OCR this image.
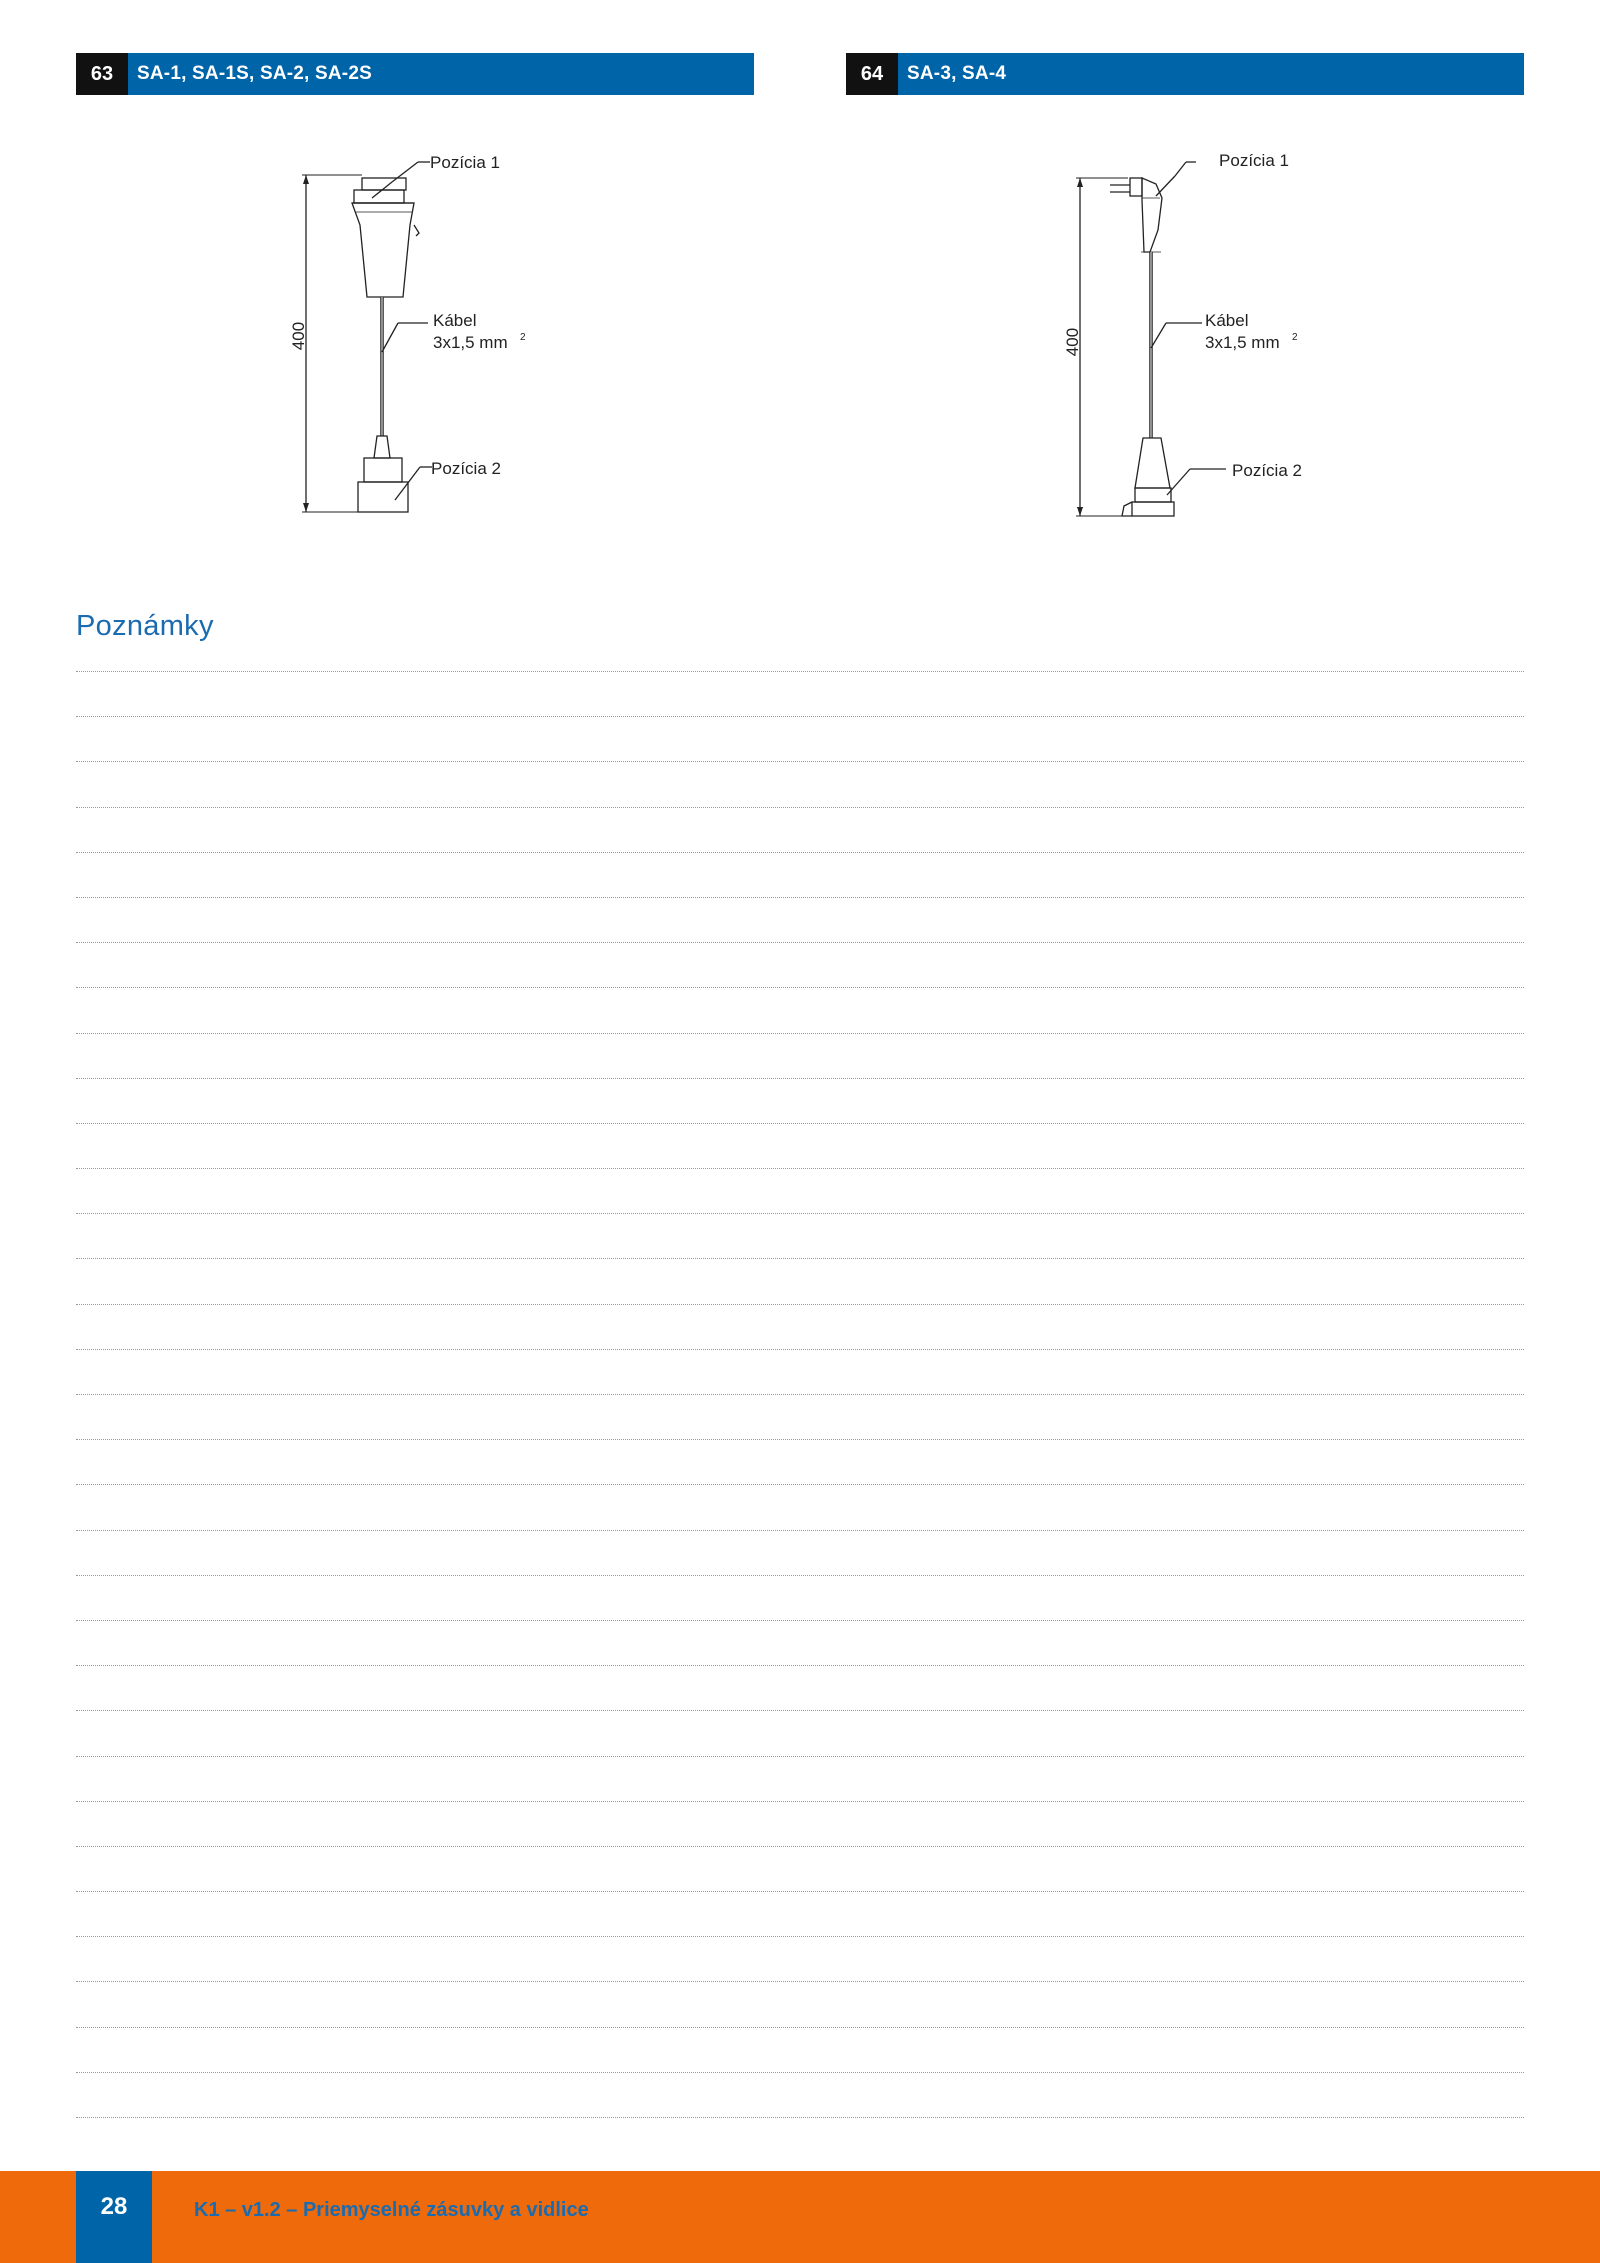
63	SA-1, SA-1S, SA-2, SA-2S	64	SA-3, SA-4
400
Pozícia 1
Kábel
3x1,5 mm 2
Pozícia 2
400
Pozícia 1
Kábel
3x1,5 mm 2
Pozícia 2
Poznámky
28	K1 – v1.2 – Priemyselné zásuvky a vidlice
